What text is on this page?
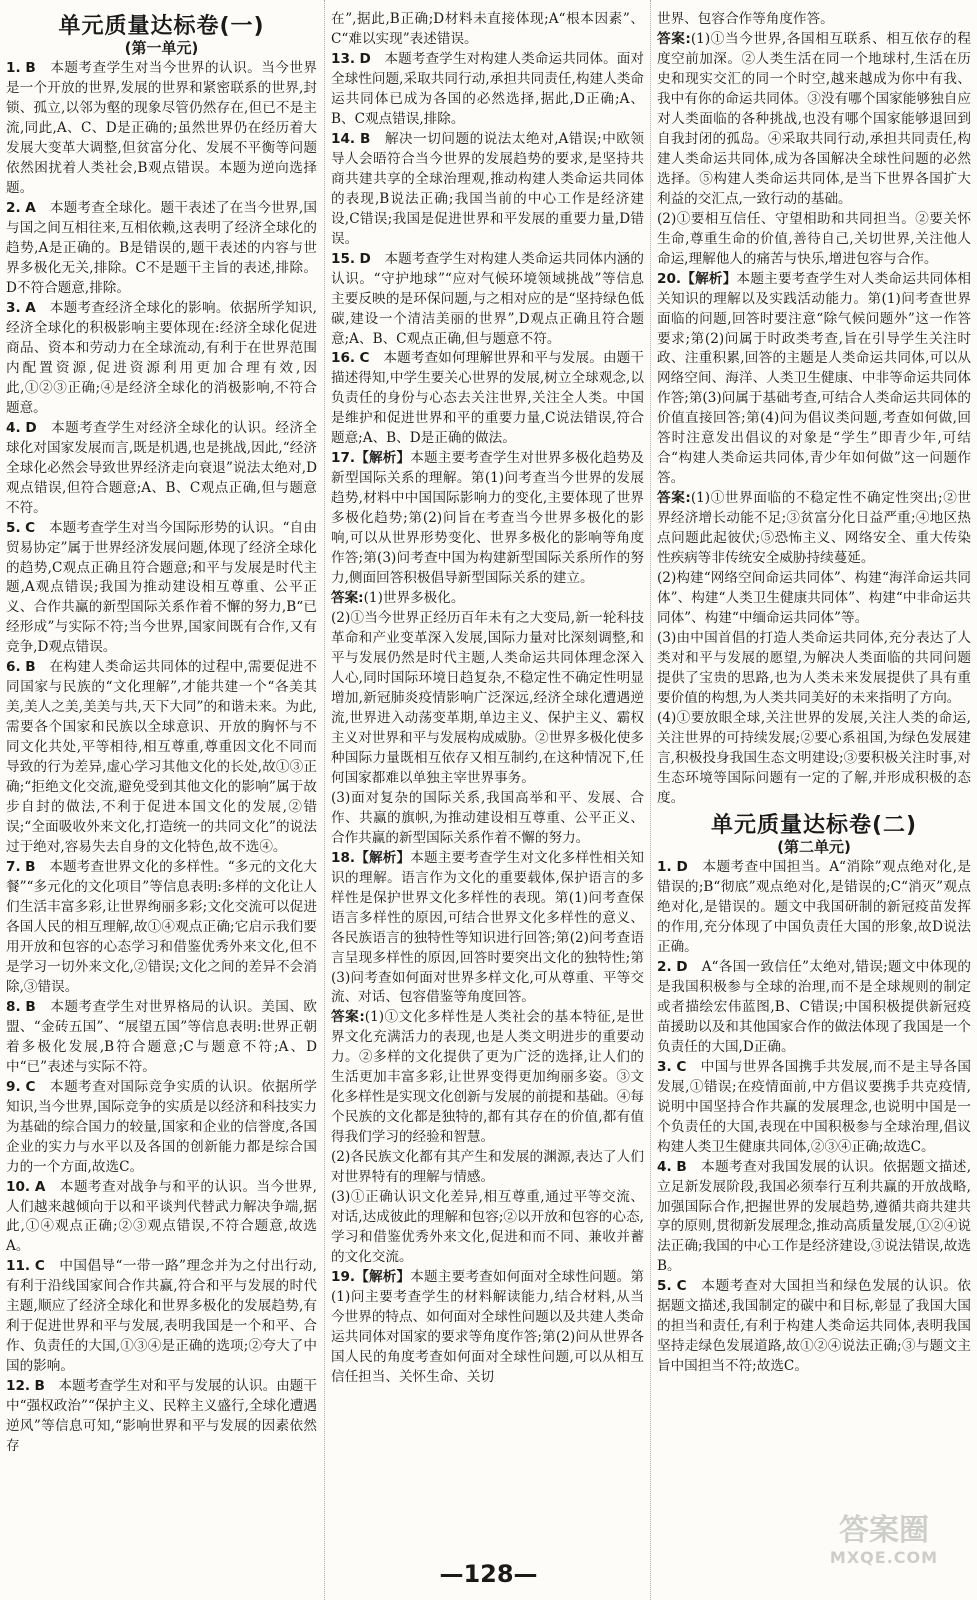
单元质量达标卷(一)
(第一单元)
1. B　 本题考查学生对当今世界的认识。当今世界是一个开放的世界,发展的世界和紧密联系的世界,封锁、孤立,以邻为壑的现象尽管仍然存在,但已不是主流,同此,A、C、D是正确的;虽然世界仍在经历着大发展大变革大调整,但贫富分化、发展不平衡等问题依然困扰着人类社会,B观点错误。本题为逆向选择题。
2. A　 本题考查全球化。题干表述了在当今世界,国与国之间互相往来,互相依赖,这表明了经济全球化的趋势,A是正确的。B是错误的,题干表述的内容与世界多极化无关,排除。C不是题干主旨的表述,排除。D不符合题意,排除。
3. A　 本题考查经济全球化的影响。依据所学知识,经济全球化的积极影响主要体现在:经济全球化促进商品、资本和劳动力在全球流动,有利于在世界范围内配置资源,促进资源利用更加合理有效,因此,①②③正确;④是经济全球化的消极影响,不符合题意。
4. D　 本题考查学生对经济全球化的认识。经济全球化对国家发展而言,既是机遇,也是挑战,因此,“经济全球化必然会导致世界经济走向衰退”说法太绝对,D观点错误,但符合题意;A、B、C观点正确,但与题意不符。
5. C　 本题考查学生对当今国际形势的认识。“自由贸易协定”属于世界经济发展问题,体现了经济全球化的趋势,C观点正确且符合题意;和平与发展是时代主题,A观点错误;我国为推动建设相互尊重、公平正义、合作共赢的新型国际关系作着不懈的努力,B“已经形成”与实际不符;当今世界,国家间既有合作,又有竞争,D观点错误。
6. B　 在构建人类命运共同体的过程中,需要促进不同国家与民族的“文化理解”,才能共建一个“各美其美,美人之美,美美与共,天下大同”的和谐未来。为此,需要各个国家和民族以全球意识、开放的胸怀与不同文化共处,平等相待,相互尊重,尊重因文化不同而导致的行为差异,虚心学习其他文化的长处,故①③正确;“拒绝文化交流,避免受到其他文化的影响”属于故步自封的做法,不利于促进本国文化的发展,②错误;“全面吸收外来文化,打造统一的共同文化”的说法过于绝对,容易失去自身的文化特色,故不选④。
7. B　 本题考查世界文化的多样性。“多元的文化大餐”“多元化的文化项目”等信息表明:多样的文化让人们生活丰富多彩,让世界绚丽多彩;文化交流可以促进各国人民的相互理解,故①④观点正确;它启示我们要用开放和包容的心态学习和借鉴优秀外来文化,但不是学习一切外来文化,②错误;文化之间的差异不会消除,③错误。
8. B　 本题考查学生对世界格局的认识。美国、欧盟、“金砖五国”、“展望五国”等信息表明:世界正朝着多极化发展,B符合题意;C与题意不符;A、D中“已”表述与实际不符。
9. C　 本题考查对国际竞争实质的认识。依据所学知识,当今世界,国际竞争的实质是以经济和科技实力为基础的综合国力的较量,国家和企业的信誉度,各国企业的实力与水平以及各国的创新能力都是综合国力的一个方面,故选C。
10. A　 本题考查对战争与和平的认识。当今世界,人们越来越倾向于以和平谈判代替武力解决争端,据此,①④观点正确;②③观点错误,不符合题意,故选A。
11. C　 中国倡导“一带一路”理念并为之付出行动,有利于沿线国家间合作共赢,符合和平与发展的时代主题,顺应了经济全球化和世界多极化的发展趋势,有利于促进世界和平与发展,表明我国是一个和平、合作、负责任的大国,①③④是正确的选项;②夸大了中国的影响。
12. B　 本题考查学生对和平与发展的认识。由题干中“强权政治”“保护主义、民粹主义盛行,全球化遭遇逆风”等信息可知,“影响世界和平与发展的因素依然存

在”,据此,B正确;D材料未直接体现;A“根本因素”、C“难以实现”表述错误。

13. D　 本题考查学生对构建人类命运共同体。面对全球性问题,采取共同行动,承担共同责任,构建人类命运共同体已成为各国的必然选择,据此,D正确;A、B、C观点错误,排除。
14. B　 解决一切问题的说法太绝对,A错误;中欧领导人会晤符合当今世界的发展趋势的要求,是坚持共商共建共享的全球治理观,推动构建人类命运共同体的表现,B说法正确;我国当前的中心工作是经济建设,C错误;我国是促进世界和平发展的重要力量,D错误。
15. D　 本题考查学生对构建人类命运共同体内涵的认识。“守护地球”“应对气候环境领域挑战”等信息主要反映的是环保问题,与之相对应的是“坚持绿色低碳,建设一个清洁美丽的世界”,D观点正确且符合题意;A、B、C观点正确,但与题意不符。
16. C　 本题考查如何理解世界和平与发展。由题干描述得知,中学生要关心世界的发展,树立全球观念,以负责任的身份与心态去关注世界,关注全人类。中国是维护和促进世界和平的重要力量,C说法错误,符合题意;A、B、D是正确的做法。
17.【解析】本题主要考查学生对世界多极化趋势及新型国际关系的理解。第(1)问考查当今世界的发展趋势,材料中中国国际影响力的变化,主要体现了世界多极化趋势;第(2)问旨在考查当今世界多极化的影响,可以从世界形势变化、世界多极化的影响等角度作答;第(3)问考查中国为构建新型国际关系所作的努力,侧面回答积极倡导新型国际关系的建立。
答案:(1)世界多极化。

(2)①当今世界正经历百年未有之大变局,新一轮科技革命和产业变革深入发展,国际力量对比深刻调整,和平与发展仍然是时代主题,人类命运共同体理念深入人心,同时国际环境日趋复杂,不稳定性不确定性明显增加,新冠肺炎疫情影响广泛深远,经济全球化遭遇逆流,世界进入动荡变革期,单边主义、保护主义、霸权主义对世界和平与发展构成威胁。②世界多极化使多种国际力量既相互依存又相互制约,在这种情况下,任何国家都难以单独主宰世界事务。

(3)面对复杂的国际关系,我国高举和平、发展、合作、共赢的旗帜,为推动建设相互尊重、公平正义、合作共赢的新型国际关系作着不懈的努力。

18.【解析】本题主要考查学生对文化多样性相关知识的理解。语言作为文化的重要载体,保护语言的多样性是保护世界文化多样性的表现。第(1)问考查保语言多样性的原因,可结合世界文化多样性的意义、各民族语言的独特性等知识进行回答;第(2)问考查语言呈现多样性的原因,回答时要突出文化的独特性;第(3)问考查如何面对世界多样文化,可从尊重、平等交流、对话、包容借鉴等角度回答。
答案:(1)①文化多样性是人类社会的基本特征,是世界文化充满活力的表现,也是人类文明进步的重要动力。②多样的文化提供了更为广泛的选择,让人们的生活更加丰富多彩,让世界变得更加绚丽多姿。③文化多样性是实现文化创新与发展的前提和基础。④每个民族的文化都是独特的,都有其存在的价值,都有值得我们学习的经验和智慧。

(2)各民族文化都有其产生和发展的渊源,表达了人们对世界特有的理解与情感。

(3)①正确认识文化差异,相互尊重,通过平等交流、对话,达成彼此的理解和包容;②以开放和包容的心态,学习和借鉴优秀外来文化,促进和而不同、兼收并蓄的文化交流。

19.【解析】本题主要考查如何面对全球性问题。第(1)问主要考查学生的材料解读能力,结合材料,从当今世界的特点、如何面对全球性问题以及共建人类命运共同体对国家的要求等角度作答;第(2)问从世界各国人民的角度考查如何面对全球性问题,可以从相互信任担当、关怀生命、关切

世界、包容合作等角度作答。

答案:(1)①当今世界,各国相互联系、相互依存的程度空前加深。②人类生活在同一个地球村,生活在历史和现实交汇的同一个时空,越来越成为你中有我、我中有你的命运共同体。③没有哪个国家能够独自应对人类面临的各种挑战,也没有哪个国家能够退回到自我封闭的孤岛。④采取共同行动,承担共同责任,构建人类命运共同体,成为各国解决全球性问题的必然选择。⑤构建人类命运共同体,是当下世界各国扩大利益的交汇点,一致行动的基础。

(2)①要相互信任、守望相助和共同担当。②要关怀生命,尊重生命的价值,善待自己,关切世界,关注他人命运,理解他人的痛苦与快乐,增进包容与合作。

20.【解析】本题主要考查学生对人类命运共同体相关知识的理解以及实践活动能力。第(1)问考查世界面临的问题,回答时要注意“除气候问题外”这一作答要求;第(2)问属于时政类考查,旨在引导学生关注时政、注重积累,回答的主题是人类命运共同体,可以从网络空间、海洋、人类卫生健康、中非等命运共同体作答;第(3)问属于基础考查,可结合人类命运共同体的价值直接回答;第(4)问为倡议类问题,考查如何做,回答时注意发出倡议的对象是“学生”即青少年,可结合“构建人类命运共同体,青少年如何做”这一问题作答。
答案:(1)①世界面临的不稳定性不确定性突出;②世界经济增长动能不足;③贫富分化日益严重;④地区热点问题此起彼伏;⑤恐怖主义、网络安全、重大传染性疾病等非传统安全威胁持续蔓延。

(2)构建“网络空间命运共同体”、构建“海洋命运共同体”、构建“人类卫生健康共同体”、构建“中非命运共同体”、构建“中缅命运共同体”等。

(3)由中国首倡的打造人类命运共同体,充分表达了人类对和平与发展的愿望,为解决人类面临的共同问题提供了宝贵的思路,也为人类未来发展提供了具有重要价值的构想,为人类共同美好的未来指明了方向。

(4)①要放眼全球,关注世界的发展,关注人类的命运,关注世界的可持续发展;②要心系祖国,为绿色发展建言,积极投身我国生态文明建设;③要积极关注时事,对生态环境等国际问题有一定的了解,并形成积极的态度。

单元质量达标卷(二)
(第二单元)
1. D　 本题考查中国担当。A“消除”观点绝对化,是错误的;B“彻底”观点绝对化,是错误的;C“消灭”观点绝对化,是错误的。题文中我国研制的新冠疫苗发挥的作用,充分体现了中国负责任大国的形象,故D说法正确。
2. D　 A“各国一致信任”太绝对,错误;题文中体现的是我国积极参与全球的治理,而不是全球规则的制定或者描绘宏伟蓝图,B、C错误;中国积极提供新冠疫苗援助以及和其他国家合作的做法体现了我国是一个负责任的大国,D正确。
3. C　 中国与世界各国携手共发展,而不是主导各国发展,①错误;在疫情面前,中方倡议要携手共克疫情,说明中国坚持合作共赢的发展理念,也说明中国是一个负责任的大国,表现在中国积极参与全球治理,倡议构建人类卫生健康共同体,②③④正确;故选C。
4. B　 本题考查对我国发展的认识。依据题文描述,立足新发展阶段,我国必须奉行互利共赢的开放战略,加强国际合作,把握世界的发展趋势,遵循共商共建共享的原则,贯彻新发展理念,推动高质量发展,①②④说法正确;我国的中心工作是经济建设,③说法错误,故选B。
5. C　 本题考查对大国担当和绿色发展的认识。依据题文描述,我国制定的碳中和目标,彰显了我国大国的担当和责任,有利于构建人类命运共同体,表明我国坚持走绿色发展道路,故①②④说法正确;③与题文主旨中国担当不符;故选C。
—128—
答案圈
MXQE.COM
